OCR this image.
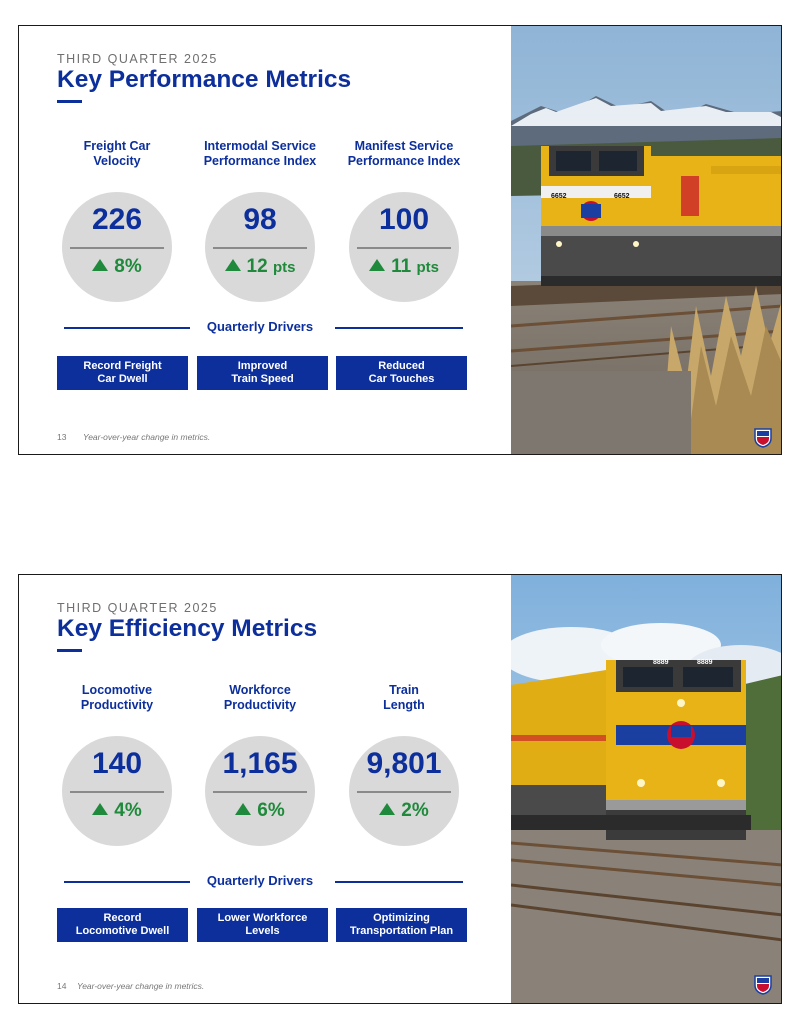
THIRD QUARTER 2025
Key Performance Metrics
Freight Car
Velocity
226
8%
Intermodal Service
Performance Index
98
12 pts
Manifest Service
Performance Index
100
11 pts
Quarterly Drivers
Record Freight
Car Dwell
Improved
Train Speed
Reduced
Car Touches
13 Year-over-year change in metrics.
6652	6652
THIRD QUARTER 2025
Key Efficiency Metrics
Locomotive
Productivity
140
4%
Workforce
Productivity
1,165
6%
Train
Length
9,801
2%
Quarterly Drivers
Record
Locomotive Dwell
Lower Workforce
Levels
Optimizing
Transportation Plan
14 Year-over-year change in metrics.
8889	8889
